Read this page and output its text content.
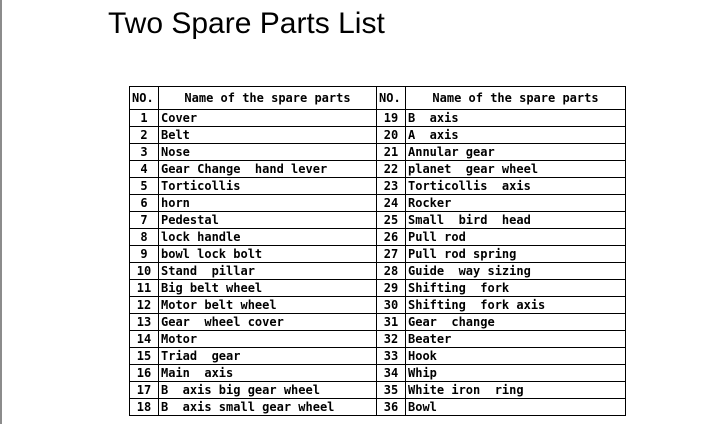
Two Spare Parts List
NO.	Name of the spare parts	NO.	Name of the spare parts
1	Cover	19	B  axis
2	Belt	20	A  axis
3	Nose	21	Annular gear
4	Gear Change  hand lever	22	planet  gear wheel
5	Torticollis	23	Torticollis  axis
6	horn	24	Rocker
7	Pedestal	25	Small  bird  head
8	lock handle	26	Pull rod
9	bowl lock bolt	27	Pull rod spring
10	Stand  pillar	28	Guide  way sizing
11	Big belt wheel	29	Shifting  fork
12	Motor belt wheel	30	Shifting  fork axis
13	Gear  wheel cover	31	Gear  change
14	Motor	32	Beater
15	Triad  gear	33	Hook
16	Main  axis	34	Whip
17	B  axis big gear wheel	35	White iron  ring
18	B  axis small gear wheel	36	Bowl
